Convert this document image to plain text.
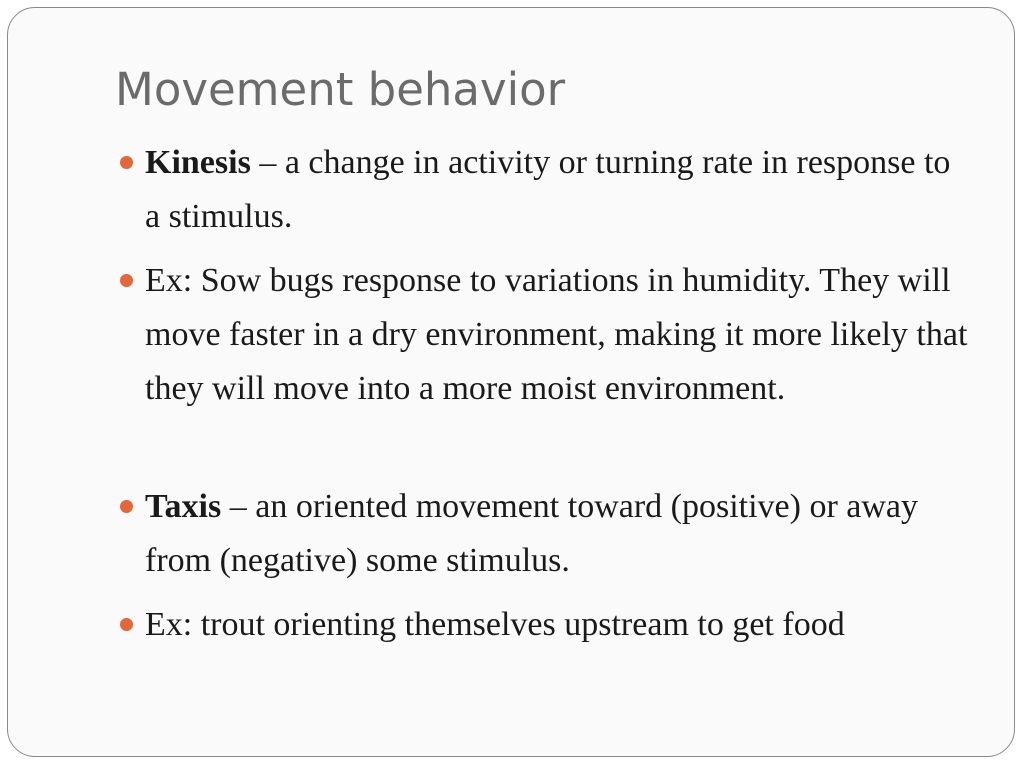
Movement behavior

Kinesis – a change in activity or turning rate in response to a stimulus.

Ex: Sow bugs response to variations in humidity. They will move faster in a dry environment, making it more likely that they will move into a more moist environment.

Taxis – an oriented movement toward (positive) or away from (negative) some stimulus.

Ex: trout orienting themselves upstream to get food
